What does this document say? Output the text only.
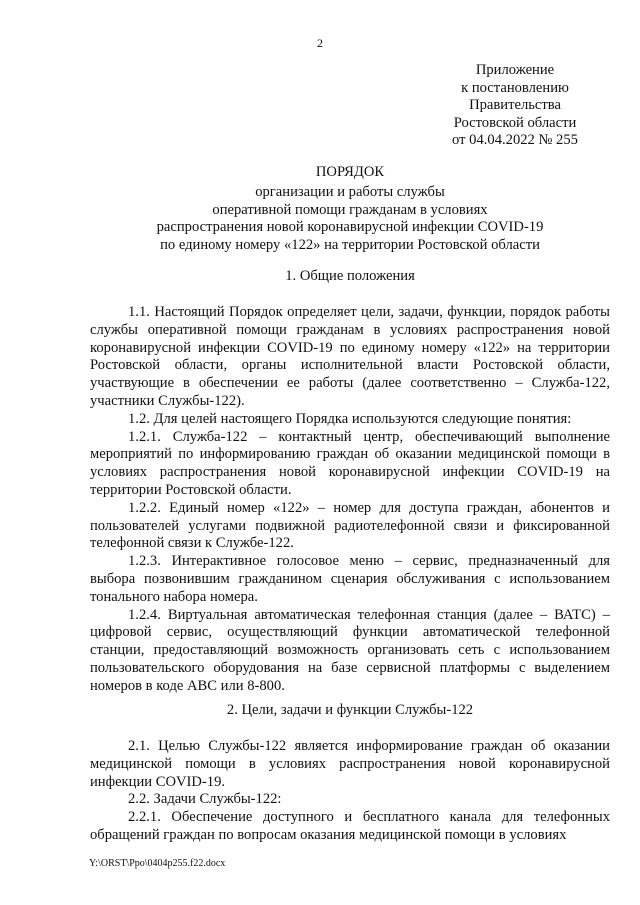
2
Приложение
к постановлению
Правительства
Ростовской области
от 04.04.2022 № 255
ПОРЯДОК
организации и работы службы
оперативной помощи гражданам в условиях
распространения новой коронавирусной инфекции COVID-19
по единому номеру «122» на территории Ростовской области
1. Общие положения

1.1. Настоящий Порядок определяет цели, задачи, функции, порядок работы службы оперативной помощи гражданам в условиях распространения новой коронавирусной инфекции COVID-19 по единому номеру «122» на территории Ростовской области, органы исполнительной власти Ростовской области, участвующие в обеспечении ее работы (далее соответственно – Служба-122, участники Службы-122).

1.2. Для целей настоящего Порядка используются следующие понятия:

1.2.1. Служба-122 – контактный центр, обеспечивающий выполнение мероприятий по информированию граждан об оказании медицинской помощи в условиях распространения новой коронавирусной инфекции COVID-19 на территории Ростовской области.

1.2.2. Единый номер «122» – номер для доступа граждан, абонентов и пользователей услугами подвижной радиотелефонной связи и фиксированной телефонной связи к Службе-122.

1.2.3. Интерактивное голосовое меню – сервис, предназначенный для выбора позвонившим гражданином сценария обслуживания с использованием тонального набора номера.

1.2.4. Виртуальная автоматическая телефонная станция (далее – ВАТС) – цифровой сервис, осуществляющий функции автоматической телефонной станции, предоставляющий возможность организовать сеть с использованием пользовательского оборудования на базе сервисной платформы с выделением номеров в коде АВС или 8-800.

2. Цели, задачи и функции Службы-122

2.1. Целью Службы-122 является информирование граждан об оказании медицинской помощи в условиях распространения новой коронавирусной инфекции COVID-19.

2.2. Задачи Службы-122:

2.2.1. Обеспечение доступного и бесплатного канала для телефонных обращений граждан по вопросам оказания медицинской помощи в условиях

Y:\ORST\Ppo\0404p255.f22.docx
